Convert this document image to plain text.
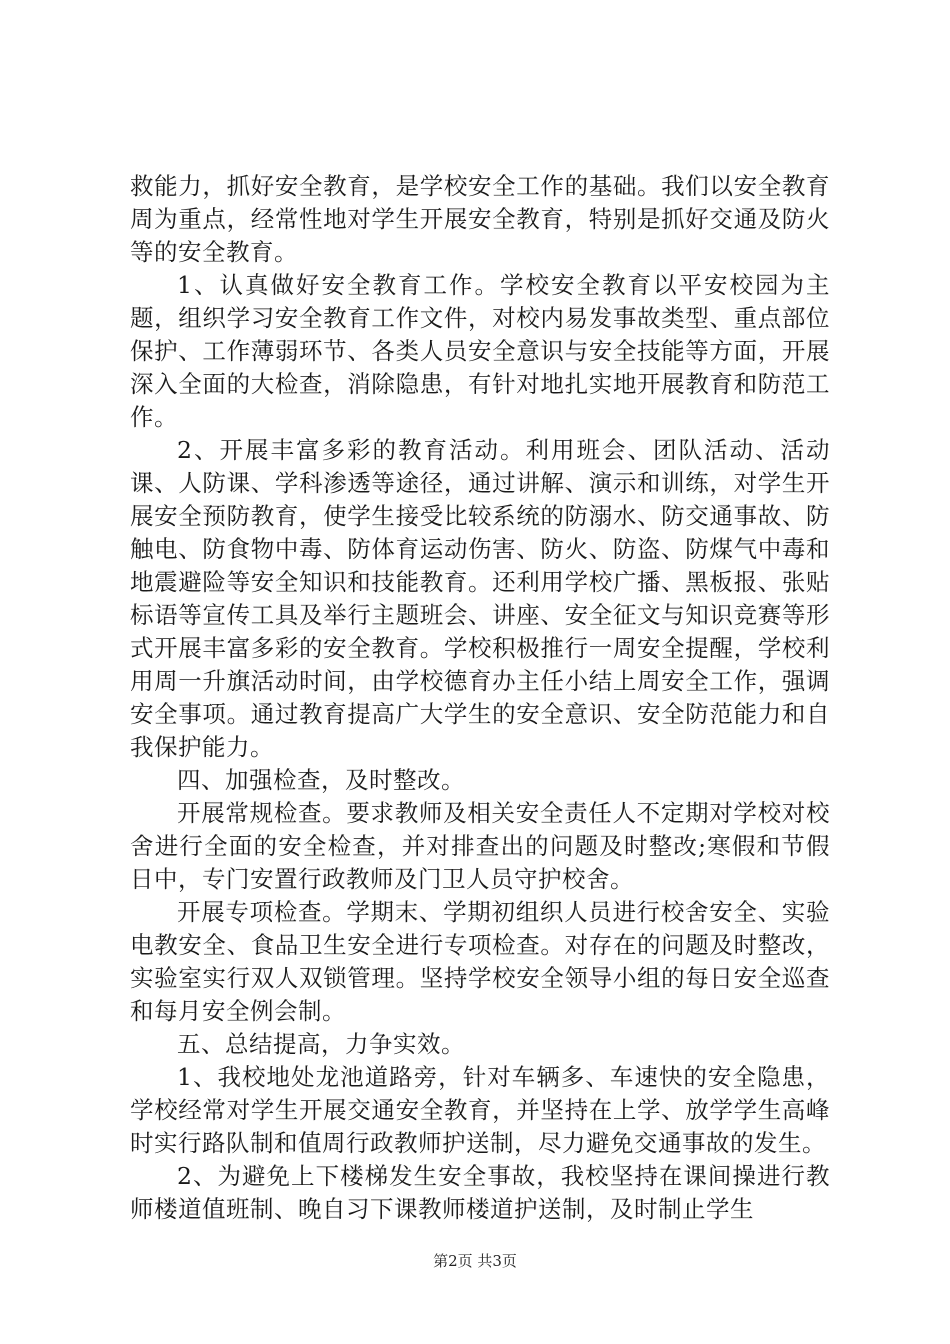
救能力，抓好安全教育，是学校安全工作的基础。我们以安全教育周为重点，经常性地对学生开展安全教育，特别是抓好交通及防火等的安全教育。

1、认真做好安全教育工作。学校安全教育以平安校园为主题，组织学习安全教育工作文件，对校内易发事故类型、重点部位保护、工作薄弱环节、各类人员安全意识与安全技能等方面，开展深入全面的大检查，消除隐患，有针对地扎实地开展教育和防范工作。

2、开展丰富多彩的教育活动。利用班会、团队活动、活动课、人防课、学科渗透等途径，通过讲解、演示和训练，对学生开展安全预防教育，使学生接受比较系统的防溺水、防交通事故、防触电、防食物中毒、防体育运动伤害、防火、防盗、防煤气中毒和地震避险等安全知识和技能教育。还利用学校广播、黑板报、张贴标语等宣传工具及举行主题班会、讲座、安全征文与知识竞赛等形式开展丰富多彩的安全教育。学校积极推行一周安全提醒，学校利用周一升旗活动时间，由学校德育办主任小结上周安全工作，强调安全事项。通过教育提高广大学生的安全意识、安全防范能力和自我保护能力。

四、加强检查，及时整改。

开展常规检查。要求教师及相关安全责任人不定期对学校对校舍进行全面的安全检查，并对排查出的问题及时整改;寒假和节假日中，专门安置行政教师及门卫人员守护校舍。

开展专项检查。学期末、学期初组织人员进行校舍安全、实验电教安全、食品卫生安全进行专项检查。对存在的问题及时整改，实验室实行双人双锁管理。坚持学校安全领导小组的每日安全巡查和每月安全例会制。

五、总结提高，力争实效。

1、我校地处龙池道路旁，针对车辆多、车速快的安全隐患，学校经常对学生开展交通安全教育，并坚持在上学、放学学生高峰时实行路队制和值周行政教师护送制，尽力避免交通事故的发生。

2、为避免上下楼梯发生安全事故，我校坚持在课间操进行教师楼道值班制、晚自习下课教师楼道护送制，及时制止学生

第2页 共3页
